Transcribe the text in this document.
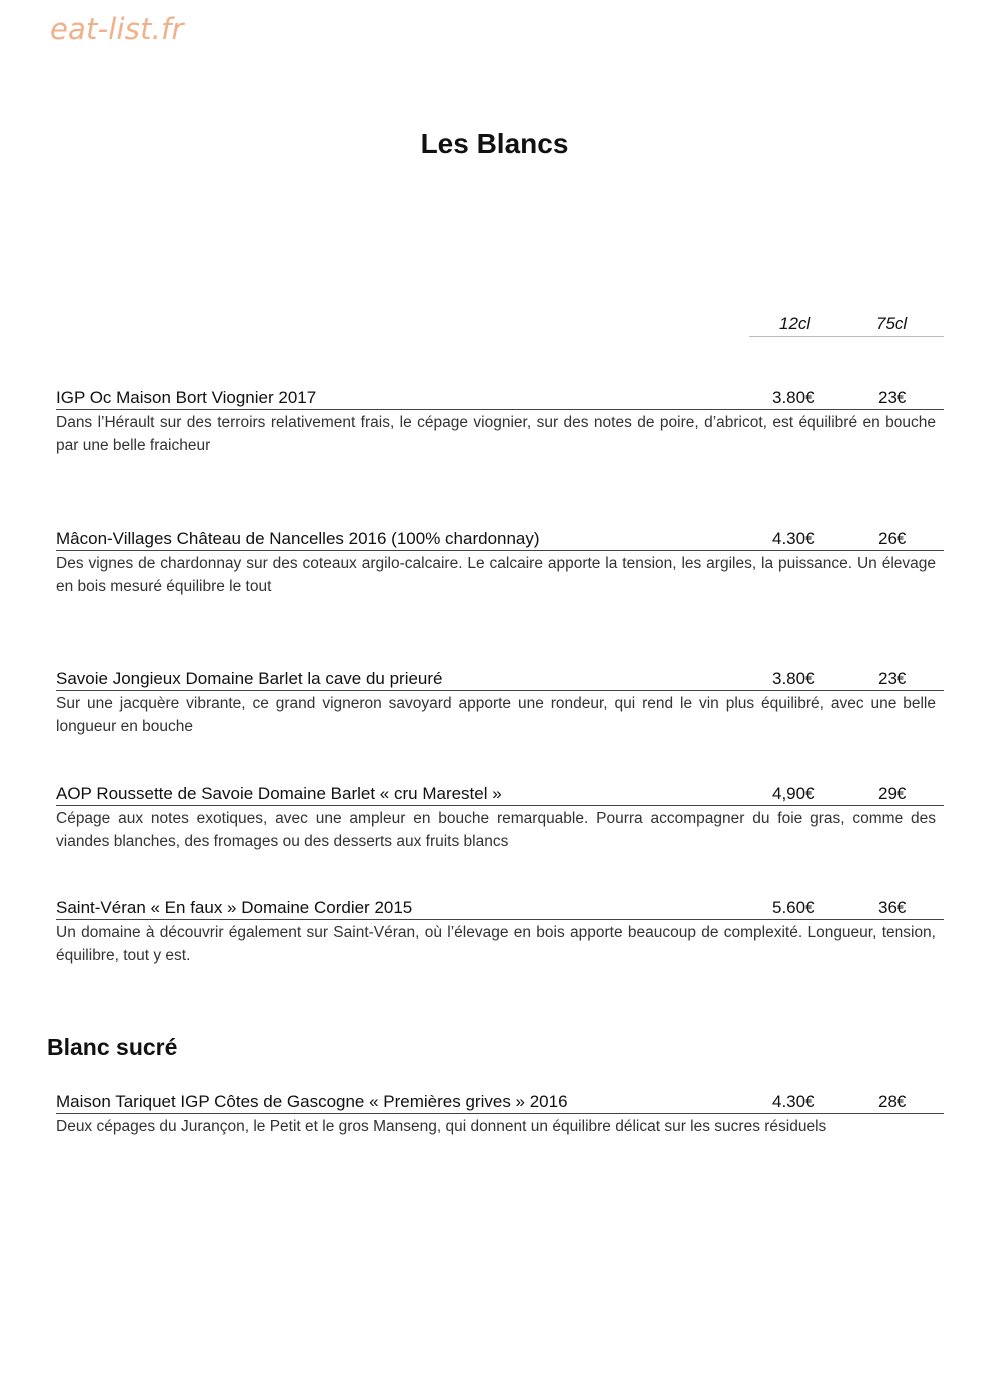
eat-list.fr
Les Blancs
12cl	75cl
IGP Oc Maison Bort Viognier 2017	3.80€	23€
Dans l’Hérault sur des terroirs relativement frais, le cépage viognier, sur des notes de poire, d’abricot, est équilibré en bouche par une belle fraicheur
Mâcon-Villages Château de Nancelles 2016 (100% chardonnay)	4.30€	26€
Des vignes de chardonnay sur des coteaux argilo-calcaire. Le calcaire apporte la tension, les argiles, la puissance. Un élevage en bois mesuré équilibre le tout
Savoie Jongieux Domaine Barlet la cave du prieuré	3.80€	23€
Sur une jacquère vibrante, ce grand vigneron savoyard apporte une rondeur, qui rend le vin plus équilibré, avec une belle longueur en bouche
AOP Roussette de Savoie Domaine Barlet « cru Marestel »	4,90€	29€
Cépage aux notes exotiques, avec une ampleur en bouche remarquable. Pourra accompagner du foie gras, comme des viandes blanches, des fromages ou des desserts aux fruits blancs
Saint-Véran « En faux » Domaine Cordier 2015	5.60€	36€
Un domaine à découvrir également sur Saint-Véran, où l’élevage en bois apporte beaucoup de complexité. Longueur, tension, équilibre, tout y est.
Blanc sucré
Maison Tariquet IGP Côtes de Gascogne « Premières grives » 2016	4.30€	28€
Deux cépages du Jurançon, le Petit et le gros Manseng, qui donnent un équilibre délicat sur les sucres résiduels
